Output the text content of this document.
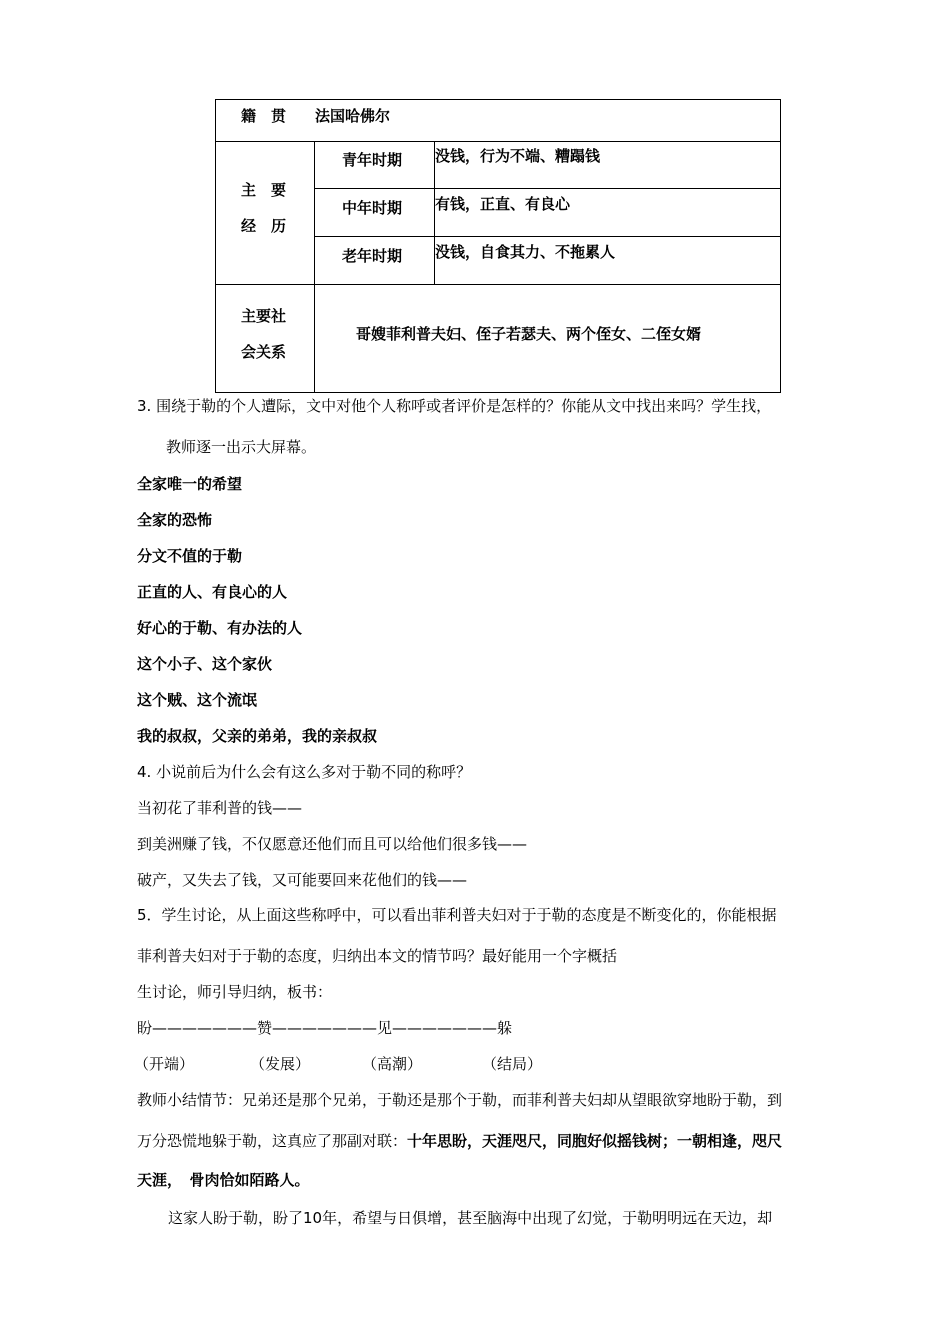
籍　贯 法国哈佛尔
主　要
经　历
青年时期 没钱，行为不端、糟蹋钱
中年时期 有钱，正直、有良心
老年时期 没钱，自食其力、不拖累人
主要社
会关系
哥嫂菲利普夫妇、侄子若瑟夫、两个侄女、二侄女婿
3. 围绕于勒的个人遭际，文中对他个人称呼或者评价是怎样的？你能从文中找出来吗？学生找，
教师逐一出示大屏幕。
全家唯一的希望
全家的恐怖
分文不值的于勒
正直的人、有良心的人
好心的于勒、有办法的人
这个小子、这个家伙
这个贼、这个流氓
我的叔叔，父亲的弟弟，我的亲叔叔
4. 小说前后为什么会有这么多对于勒不同的称呼？
当初花了菲利普的钱——
到美洲赚了钱，不仅愿意还他们而且可以给他们很多钱——
破产，又失去了钱，又可能要回来花他们的钱——
5．学生讨论，从上面这些称呼中，可以看出菲利普夫妇对于于勒的态度是不断变化的，你能根据
菲利普夫妇对于于勒的态度，归纳出本文的情节吗？最好能用一个字概括
生讨论，师引导归纳，板书：
盼———————赞———————见———————躲
（开端）	（发展）	（高潮）	（结局）
教师小结情节：兄弟还是那个兄弟，于勒还是那个于勒，而菲利普夫妇却从望眼欲穿地盼于勒，到
万分恐慌地躲于勒，这真应了那副对联：十年思盼，天涯咫尺，同胞好似摇钱树；一朝相逢，咫尺
天涯，　骨肉恰如陌路人。
这家人盼于勒，盼了10年，希望与日俱增，甚至脑海中出现了幻觉，于勒明明远在天边，却
